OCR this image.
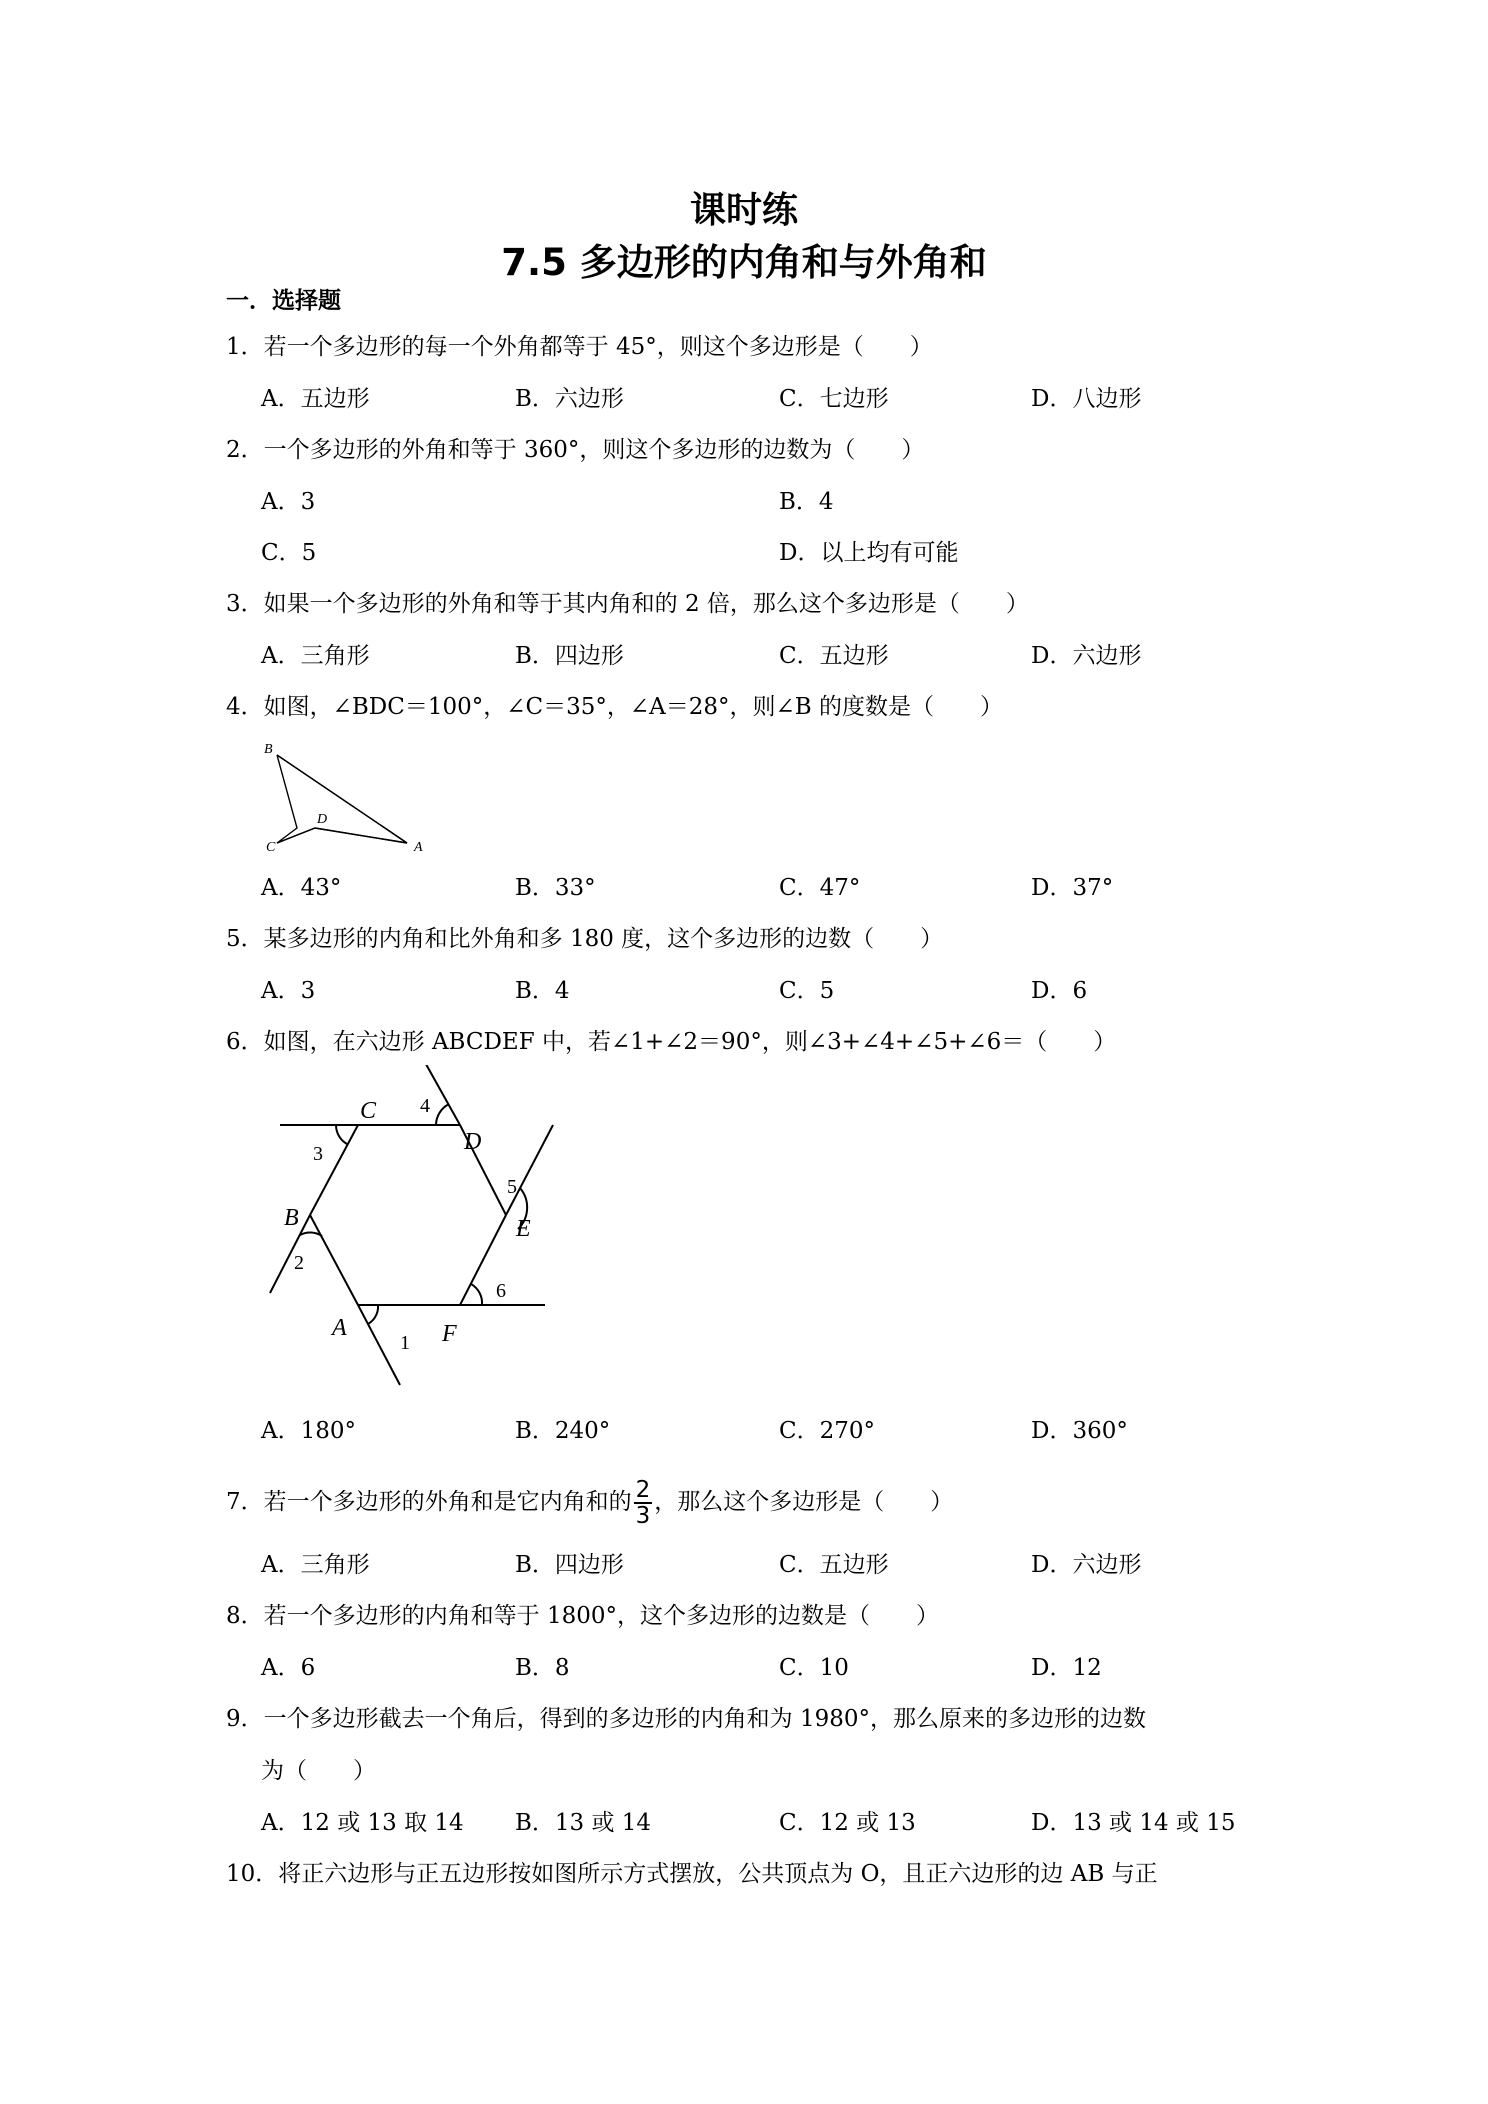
课时练
7.5 多边形的内角和与外角和
一．选择题
1．若一个多边形的每一个外角都等于 45°，则这个多边形是（　　）
A．五边形	B．六边形	C．七边形	D．八边形
2．一个多边形的外角和等于 360°，则这个多边形的边数为（　　）
A．3	B．4
C．5	D．以上均有可能
3．如果一个多边形的外角和等于其内角和的 2 倍，那么这个多边形是（　　）
A．三角形	B．四边形	C．五边形	D．六边形
4．如图，∠BDC＝100°，∠C＝35°，∠A＝28°，则∠B 的度数是（　　）
B
C
D
A
A．43°	B．33°	C．47°	D．37°
5．某多边形的内角和比外角和多 180 度，这个多边形的边数（　　）
A．3	B．4	C．5	D．6
6．如图，在六边形 ABCDEF 中，若∠1+∠2＝90°，则∠3+∠4+∠5+∠6＝（　　）
C
D
B	E
A	F
1
2
3
4
5
6
A．180°	B．240°	C．270°	D．360°
7．若一个多边形的外角和是它内角和的 $\frac{2}{3}$ ，那么这个多边形是（　　）
A．三角形	B．四边形	C．五边形	D．六边形
8．若一个多边形的内角和等于 1800°，这个多边形的边数是（　　）
A．6	B．8	C．10	D．12
9．一个多边形截去一个角后，得到的多边形的内角和为 1980°，那么原来的多边形的边数
为（　　）
A．12 或 13 取 14 B．13 或 14	C．12 或 13	D．13 或 14 或 15
10．将正六边形与正五边形按如图所示方式摆放，公共顶点为 O，且正六边形的边 AB 与正
